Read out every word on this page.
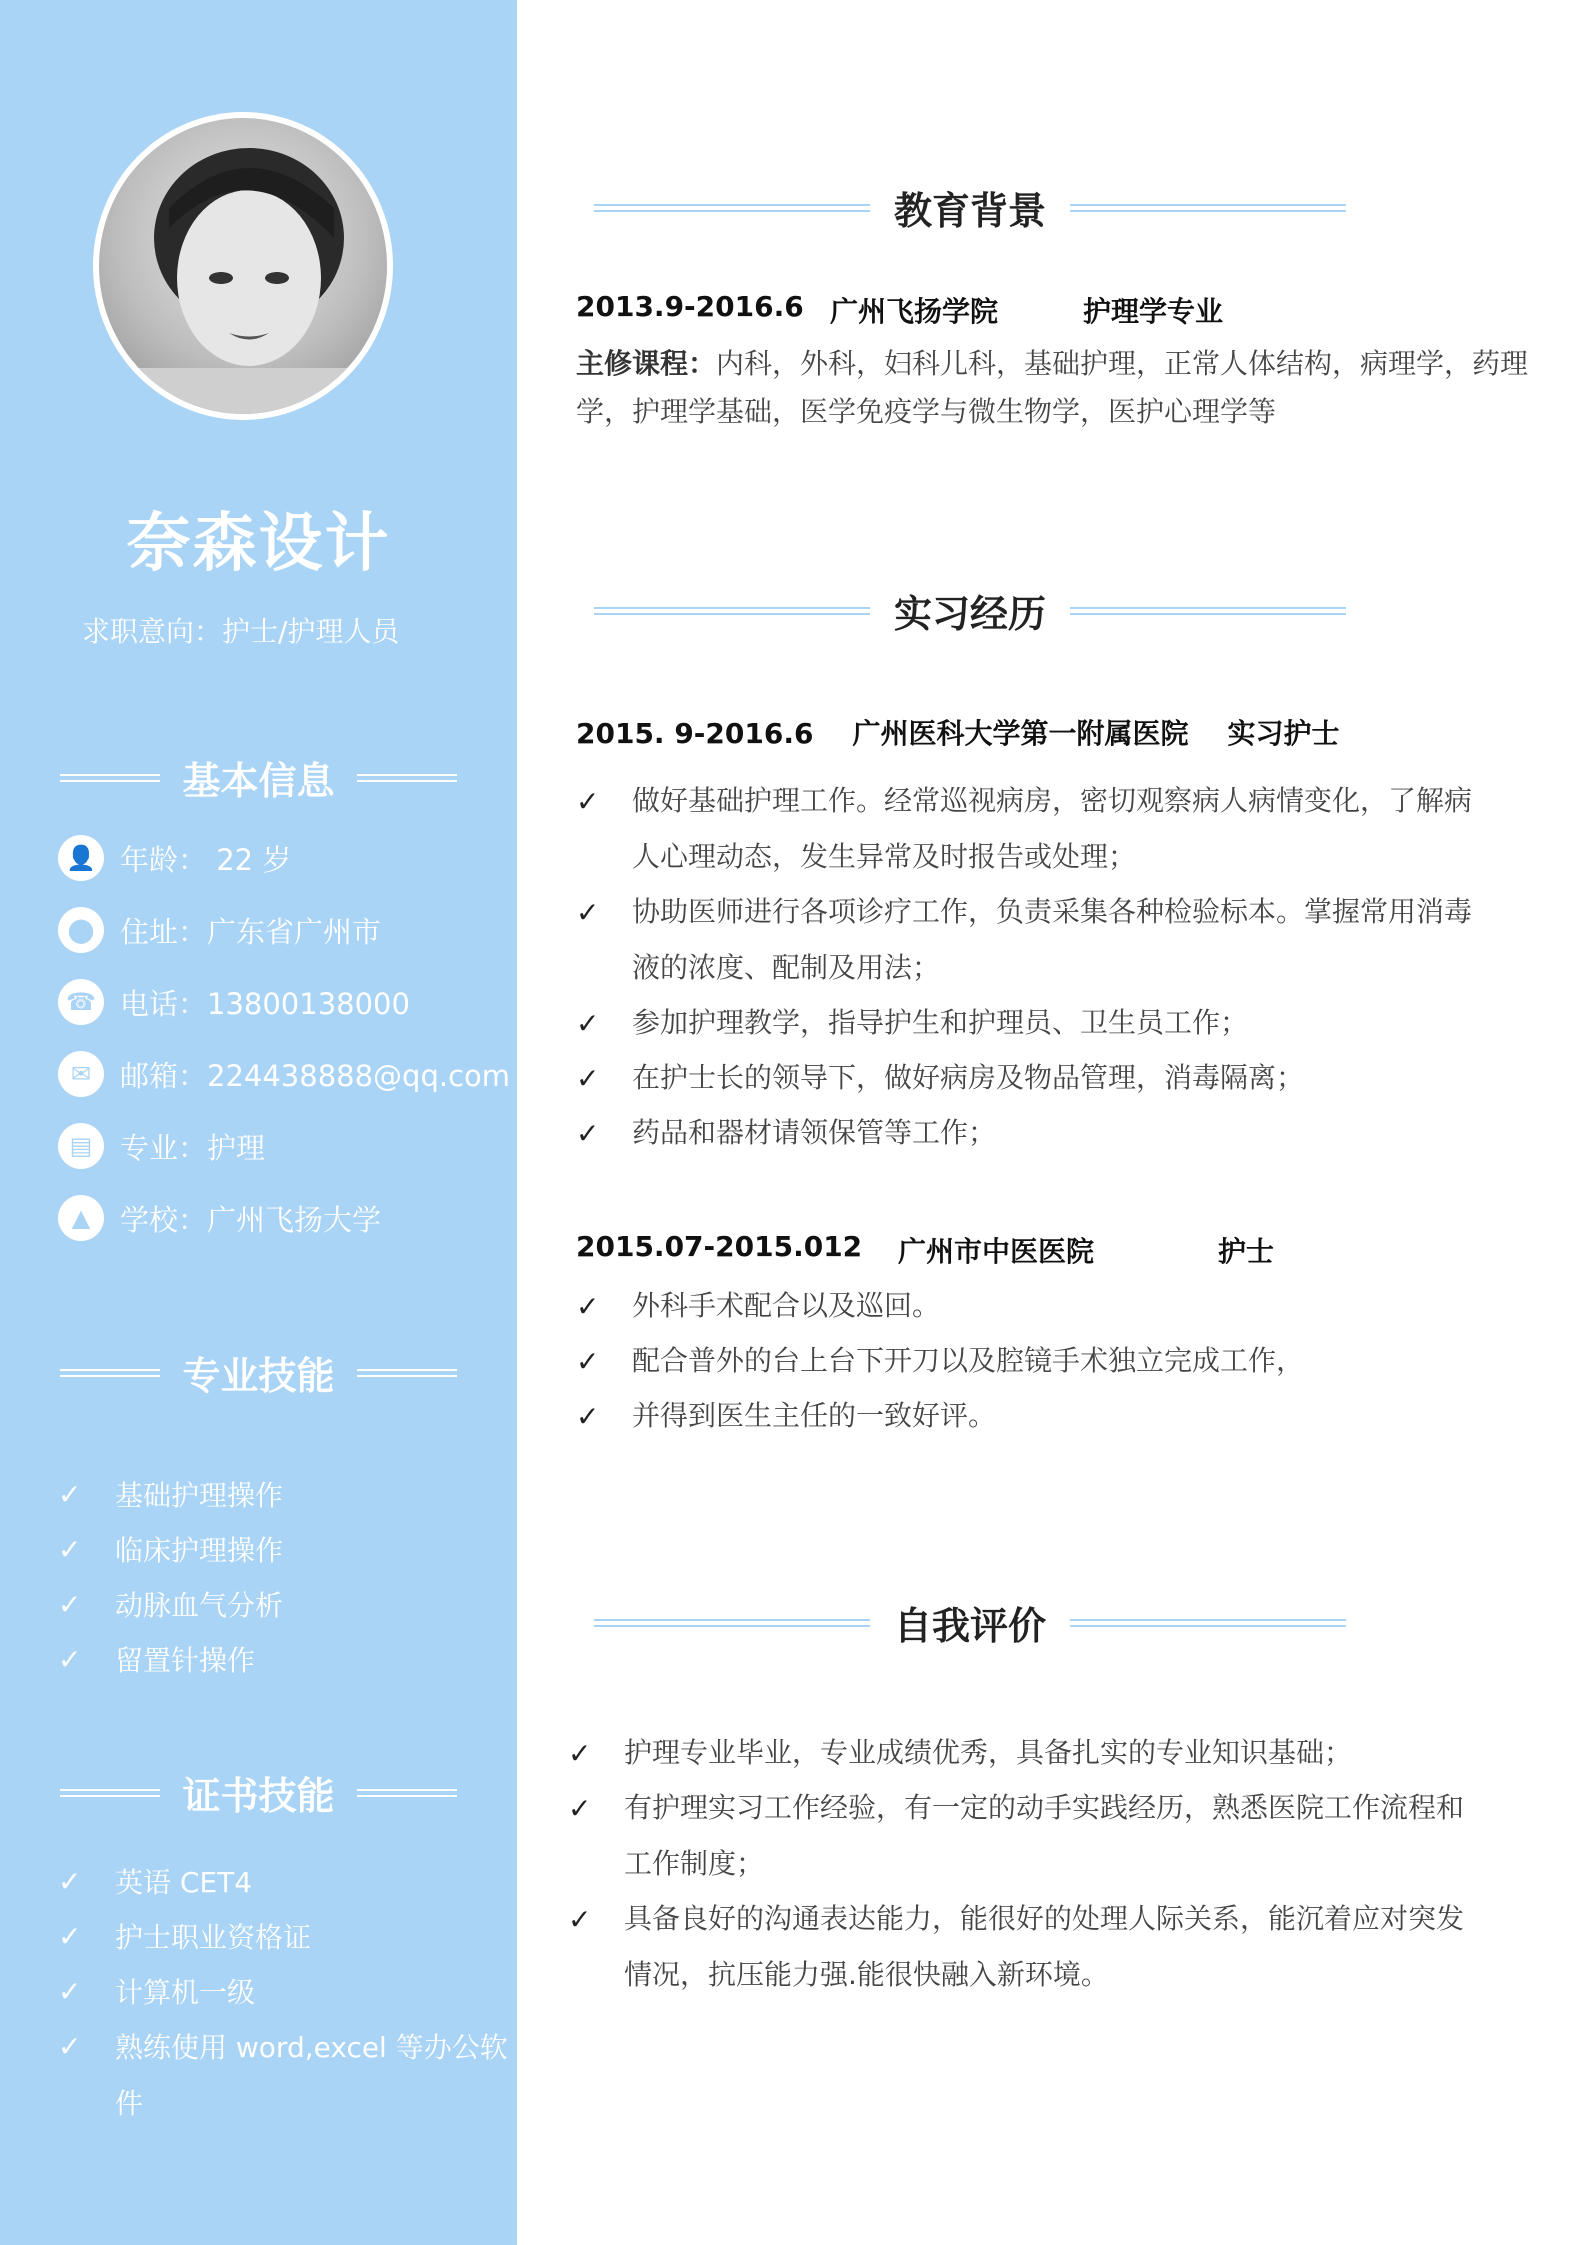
奈森设计
求职意向：护士/护理人员
基本信息
👤 年龄： 22 岁
⬤ 住址：广东省广州市
☎ 电话：13800138000
✉ 邮箱：224438888@qq.com
▤ 专业：护理
▲	学校：广州飞扬大学
专业技能
✓	基础护理操作
✓	临床护理操作
✓	动脉血气分析
✓	留置针操作
证书技能
✓	英语 CET4
✓	护士职业资格证
✓	计算机一级
✓	熟练使用 word,excel 等办公软件
教育背景
2013.9-2016.6 广州飞扬学院	护理学专业
主修课程：内科，外科，妇科儿科，基础护理，正常人体结构，病理学，药理
学，护理学基础，医学免疫学与微生物学，医护心理学等
实习经历
2015. 9-2016.6    广州医科大学第一附属医院    实习护士
✓	做好基础护理工作。经常巡视病房，密切观察病人病情变化，了解病人心理动态，发生异常及时报告或处理；
✓	协助医师进行各项诊疗工作，负责采集各种检验标本。掌握常用消毒液的浓度、配制及用法；
✓	参加护理教学，指导护生和护理员、卫生员工作；
✓	在护士长的领导下，做好病房及物品管理，消毒隔离；
✓	药品和器材请领保管等工作；
2015.07-2015.012 广州市中医医院	护士
✓	外科手术配合以及巡回。
✓	配合普外的台上台下开刀以及腔镜手术独立完成工作，
✓	并得到医生主任的一致好评。
自我评价
✓	护理专业毕业，专业成绩优秀，具备扎实的专业知识基础；
✓	有护理实习工作经验，有一定的动手实践经历，熟悉医院工作流程和工作制度；
✓	具备良好的沟通表达能力，能很好的处理人际关系，能沉着应对突发情况，抗压能力强.能很快融入新环境。
